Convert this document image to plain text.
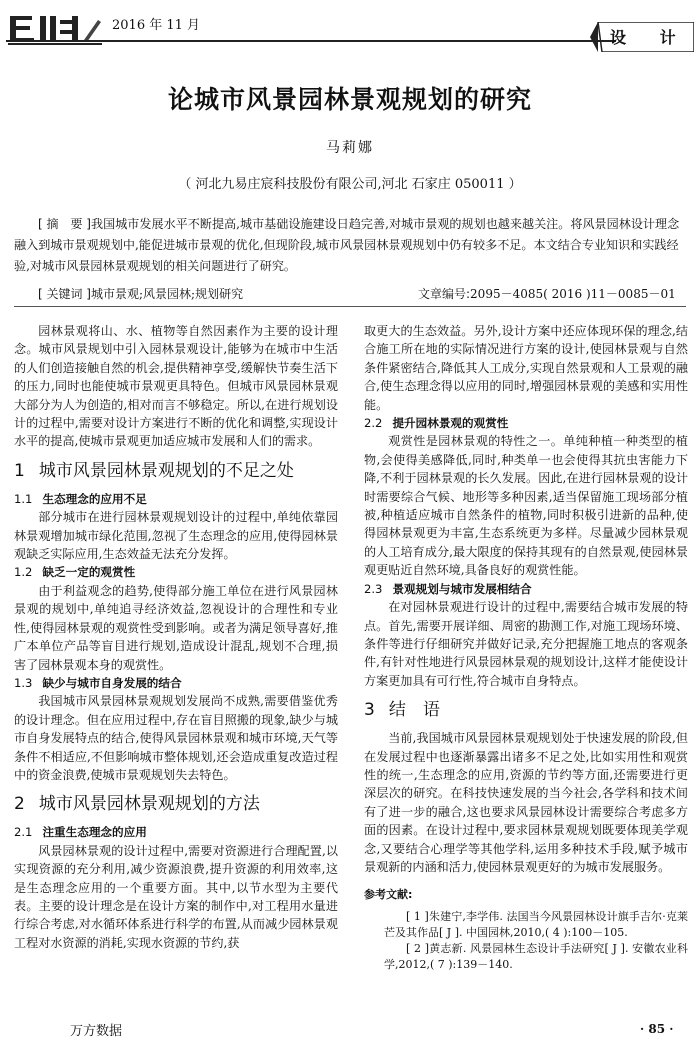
2016 年 11 月
设 计
论城市风景园林景观规划的研究
马莉娜
（ 河北九易庄宸科技股份有限公司,河北 石家庄 050011 ）
[ 摘　要 ]我国城市发展水平不断提高,城市基础设施建设日趋完善,对城市景观的规划也越来越关注。将风景园林设计理念融入到城市景观规划中,能促进城市景观的优化,但现阶段,城市风景园林景观规划中仍有较多不足。本文结合专业知识和实践经验,对城市风景园林景观规划的相关问题进行了研究。
[ 关键词 ]城市景观;风景园林;规划研究	文章编号:2095－4085( 2016 )11－0085－01

园林景观将山、水、植物等自然因素作为主要的设计理念。城市风景规划中引入园林景观设计,能够为在城市中生活的人们创造接触自然的机会,提供精神享受,缓解快节奏生活下的压力,同时也能使城市景观更具特色。但城市风景园林景观大部分为人为创造的,相对而言不够稳定。所以,在进行规划设计的过程中,需要对设计方案进行不断的优化和调整,实现设计水平的提高,使城市景观更加适应城市发展和人们的需求。

1 城市风景园林景观规划的不足之处
1.1 生态理念的应用不足

部分城市在进行园林景观规划设计的过程中,单纯依靠园林景观增加城市绿化范围,忽视了生态理念的应用,使得园林景观缺乏实际应用,生态效益无法充分发挥。

1.2 缺乏一定的观赏性

由于利益观念的趋势,使得部分施工单位在进行风景园林景观的规划中,单纯追寻经济效益,忽视设计的合理性和专业性,使得园林景观的观赏性受到影响。或者为满足领导喜好,推广本单位产品等盲目进行规划,造成设计混乱,规划不合理,损害了园林景观本身的观赏性。

1.3 缺少与城市自身发展的结合

我国城市风景园林景观规划发展尚不成熟,需要借鉴优秀的设计理念。但在应用过程中,存在盲目照搬的现象,缺少与城市自身发展特点的结合,使得风景园林景观和城市环境,天气等条件不相适应,不但影响城市整体规划,还会造成重复改造过程中的资金浪费,使城市景观规划失去特色。

2 城市风景园林景观规划的方法
2.1 注重生态理念的应用

风景园林景观的设计过程中,需要对资源进行合理配置,以实现资源的充分利用,减少资源浪费,提升资源的利用效率,这是生态理念应用的一个重要方面。其中,以节水型为主要代表。主要的设计理念是在设计方案的制作中,对工程用水量进行综合考虑,对水循环体系进行科学的布置,从而减少园林景观工程对水资源的消耗,实现水资源的节约,获

取更大的生态效益。另外,设计方案中还应体现环保的理念,结合施工所在地的实际情况进行方案的设计,使园林景观与自然条件紧密结合,降低其人工成分,实现自然景观和人工景观的融合,使生态理念得以应用的同时,增强园林景观的美感和实用性能。

2.2 提升园林景观的观赏性

观赏性是园林景观的特性之一。单纯种植一种类型的植物,会使得美感降低,同时,种类单一也会使得其抗虫害能力下降,不利于园林景观的长久发展。因此,在进行园林景观的设计时需要综合气候、地形等多种因素,适当保留施工现场部分植被,种植适应城市自然条件的植物,同时积极引进新的品种,使得园林景观更为丰富,生态系统更为多样。尽量减少园林景观的人工培育成分,最大限度的保持其现有的自然景观,使园林景观更贴近自然环境,具备良好的观赏性能。

2.3 景观规划与城市发展相结合

在对园林景观进行设计的过程中,需要结合城市发展的特点。首先,需要开展详细、周密的勘测工作,对施工现场环境、条件等进行仔细研究并做好记录,充分把握施工地点的客观条件,有针对性地进行风景园林景观的规划设计,这样才能使设计方案更加具有可行性,符合城市自身特点。

3 结　语

当前,我国城市风景园林景观规划处于快速发展的阶段,但在发展过程中也逐渐暴露出诸多不足之处,比如实用性和观赏性的统一,生态理念的应用,资源的节约等方面,还需要进行更深层次的研究。在科技快速发展的当今社会,各学科和技术间有了进一步的融合,这也要求风景园林设计需要综合考虑多方面的因素。在设计过程中,要求园林景观规划既要体现美学观念,又要结合心理学等其他学科,运用多种技术手段,赋予城市景观新的内涵和活力,使园林景观更好的为城市发展服务。

参考文献:

[ 1 ]朱建宁,李学伟. 法国当今风景园林设计旗手吉尔·克莱芒及其作品[ J ]. 中国园林,2010,( 4 ):100－105.

[ 2 ]黄志新. 风景园林生态设计手法研究[ J ]. 安徽农业科学,2012,( 7 ):139－140.

万方数据	· 85 ·
